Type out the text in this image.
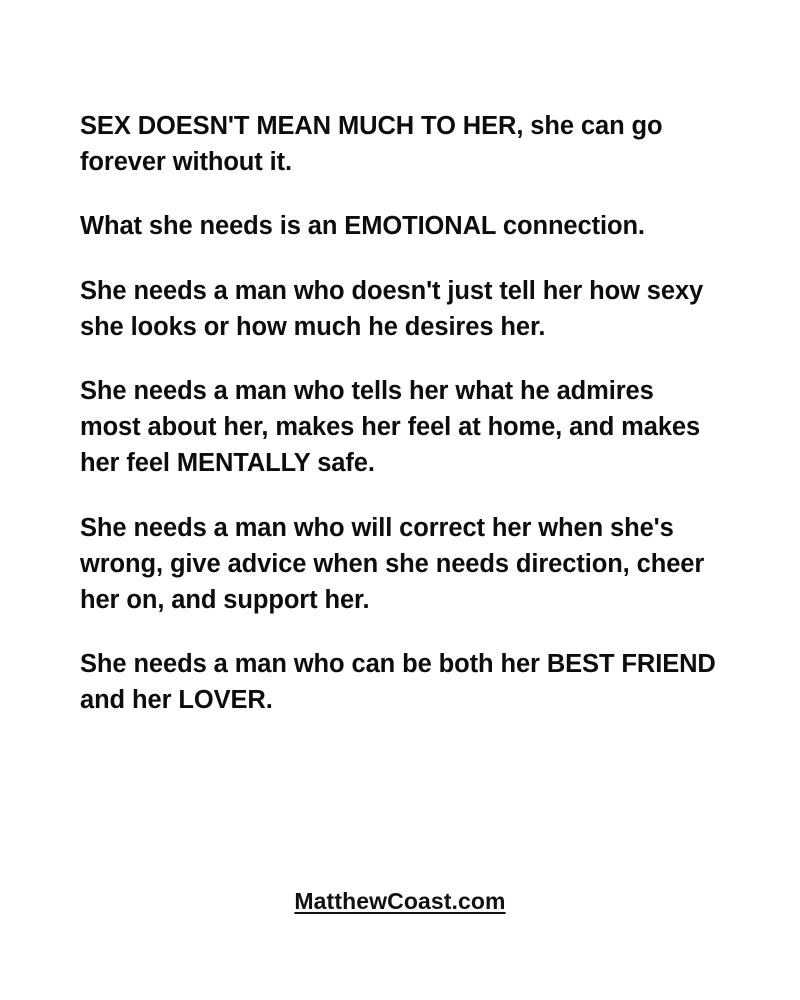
SEX DOESN'T MEAN MUCH TO HER, she can go forever without it.

What she needs is an EMOTIONAL connection.

She needs a man who doesn't just tell her how sexy she looks or how much he desires her.

She needs a man who tells her what he admires most about her, makes her feel at home, and makes her feel MENTALLY safe.

She needs a man who will correct her when she's wrong, give advice when she needs direction, cheer her on, and support her.

She needs a man who can be both her BEST FRIEND and her LOVER.

MatthewCoast.com
